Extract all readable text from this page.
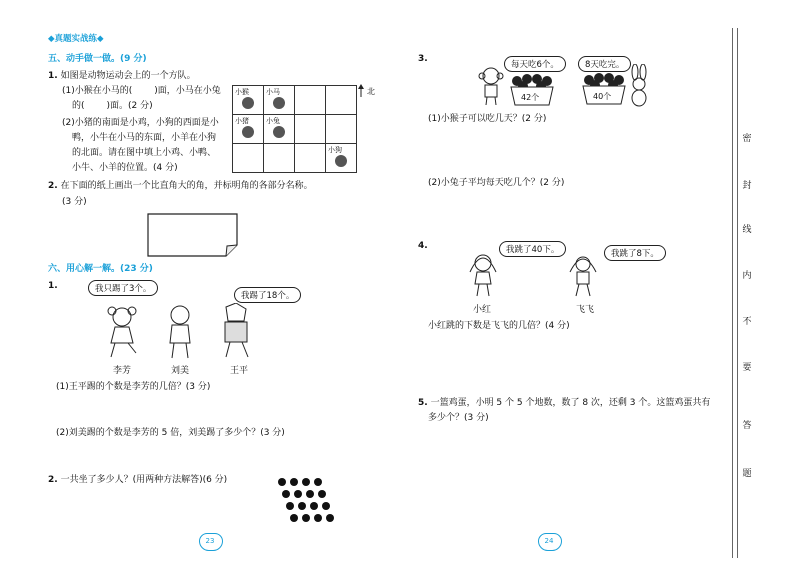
◆真题实战练◆
五、动手做一做。(9 分)
1. 如图是动物运动会上的一个方队。
(1)小猴在小马的( )面，小马在小兔
的( )面。(2 分)
(2)小猪的南面是小鸡，小狗的西面是小
鸭，小牛在小马的东面，小羊在小狗
的北面。请在图中填上小鸡、小鸭、
小牛、小羊的位置。(4 分)
小猴	小马		

小猪	小兔		

			小狗
北
2. 在下面的纸上画出一个比直角大的角，并标明角的各部分名称。
(3 分)
六、用心解一解。(23 分)
1.	我只踢了3个。
我踢了18个。
李芳	刘美	王平
(1)王平踢的个数是李芳的几倍？(3 分)
(2)刘美踢的个数是李芳的 5 倍，刘美踢了多少个？(3 分)
2. 一共坐了多少人？(用两种方法解答)(6 分)
23
3.
每天吃6个。	8天吃完。
42个	40个
(1)小猴子可以吃几天？(2 分)
(2)小兔子平均每天吃几个？(2 分)
4.	我跳了40下。	我跳了8下。
小红	飞飞
小红跳的下数是飞飞的几倍？(4 分)
5. 一篮鸡蛋，小明 5 个 5 个地数，数了 8 次，还剩 3 个。这篮鸡蛋共有
多少个？(3 分)
24
密
封
线
内
不
要
答
题
